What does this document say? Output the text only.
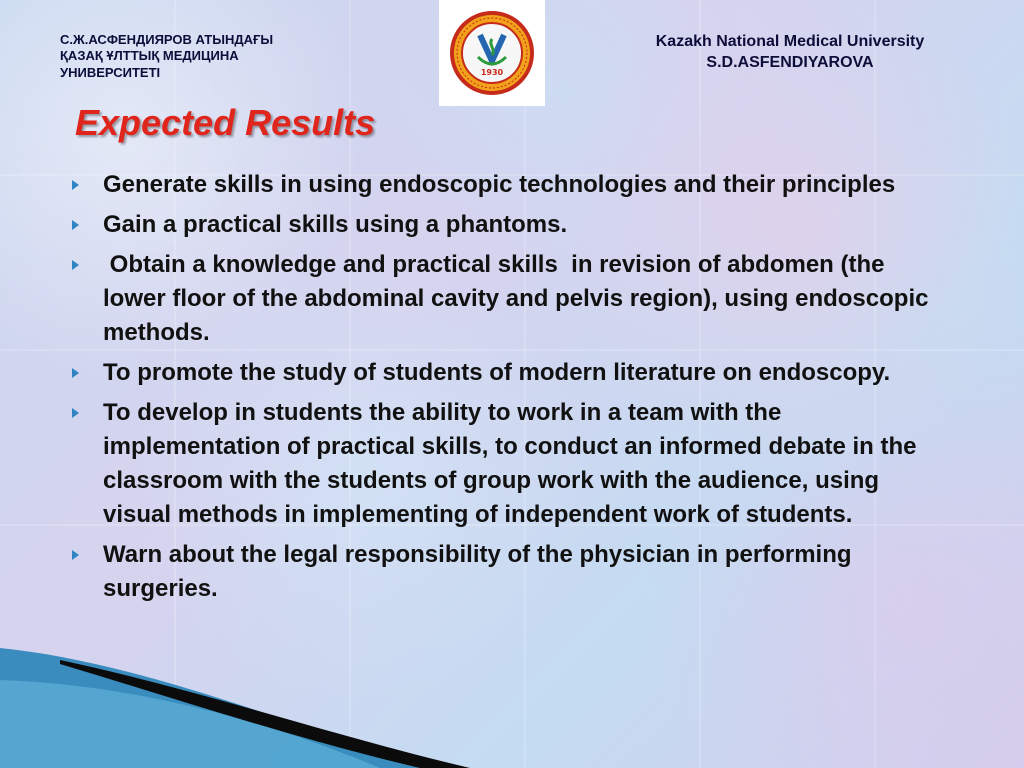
С.Ж.АСФЕНДИЯРОВ АТЫНДАҒЫ
ҚАЗАҚ ҰЛТТЫҚ МЕДИЦИНА
УНИВЕРСИТЕТІ	1930
Kazakh National Medical University
S.D.ASFENDIYAROVA
Expected Results
Generate skills in using endoscopic technologies and their principles
Gain a practical skills using a phantoms.
Obtain a knowledge and practical skills  in revision of abdomen (the lower floor of the abdominal cavity and pelvis region), using endoscopic methods.
To promote the study of students of modern literature on endoscopy.
To develop in students the ability to work in a team with the implementation of practical skills, to conduct an informed debate in the classroom with the students of group work with the audience, using visual methods in implementing of independent work of students.
Warn about the legal responsibility of the physician in performing surgeries.
